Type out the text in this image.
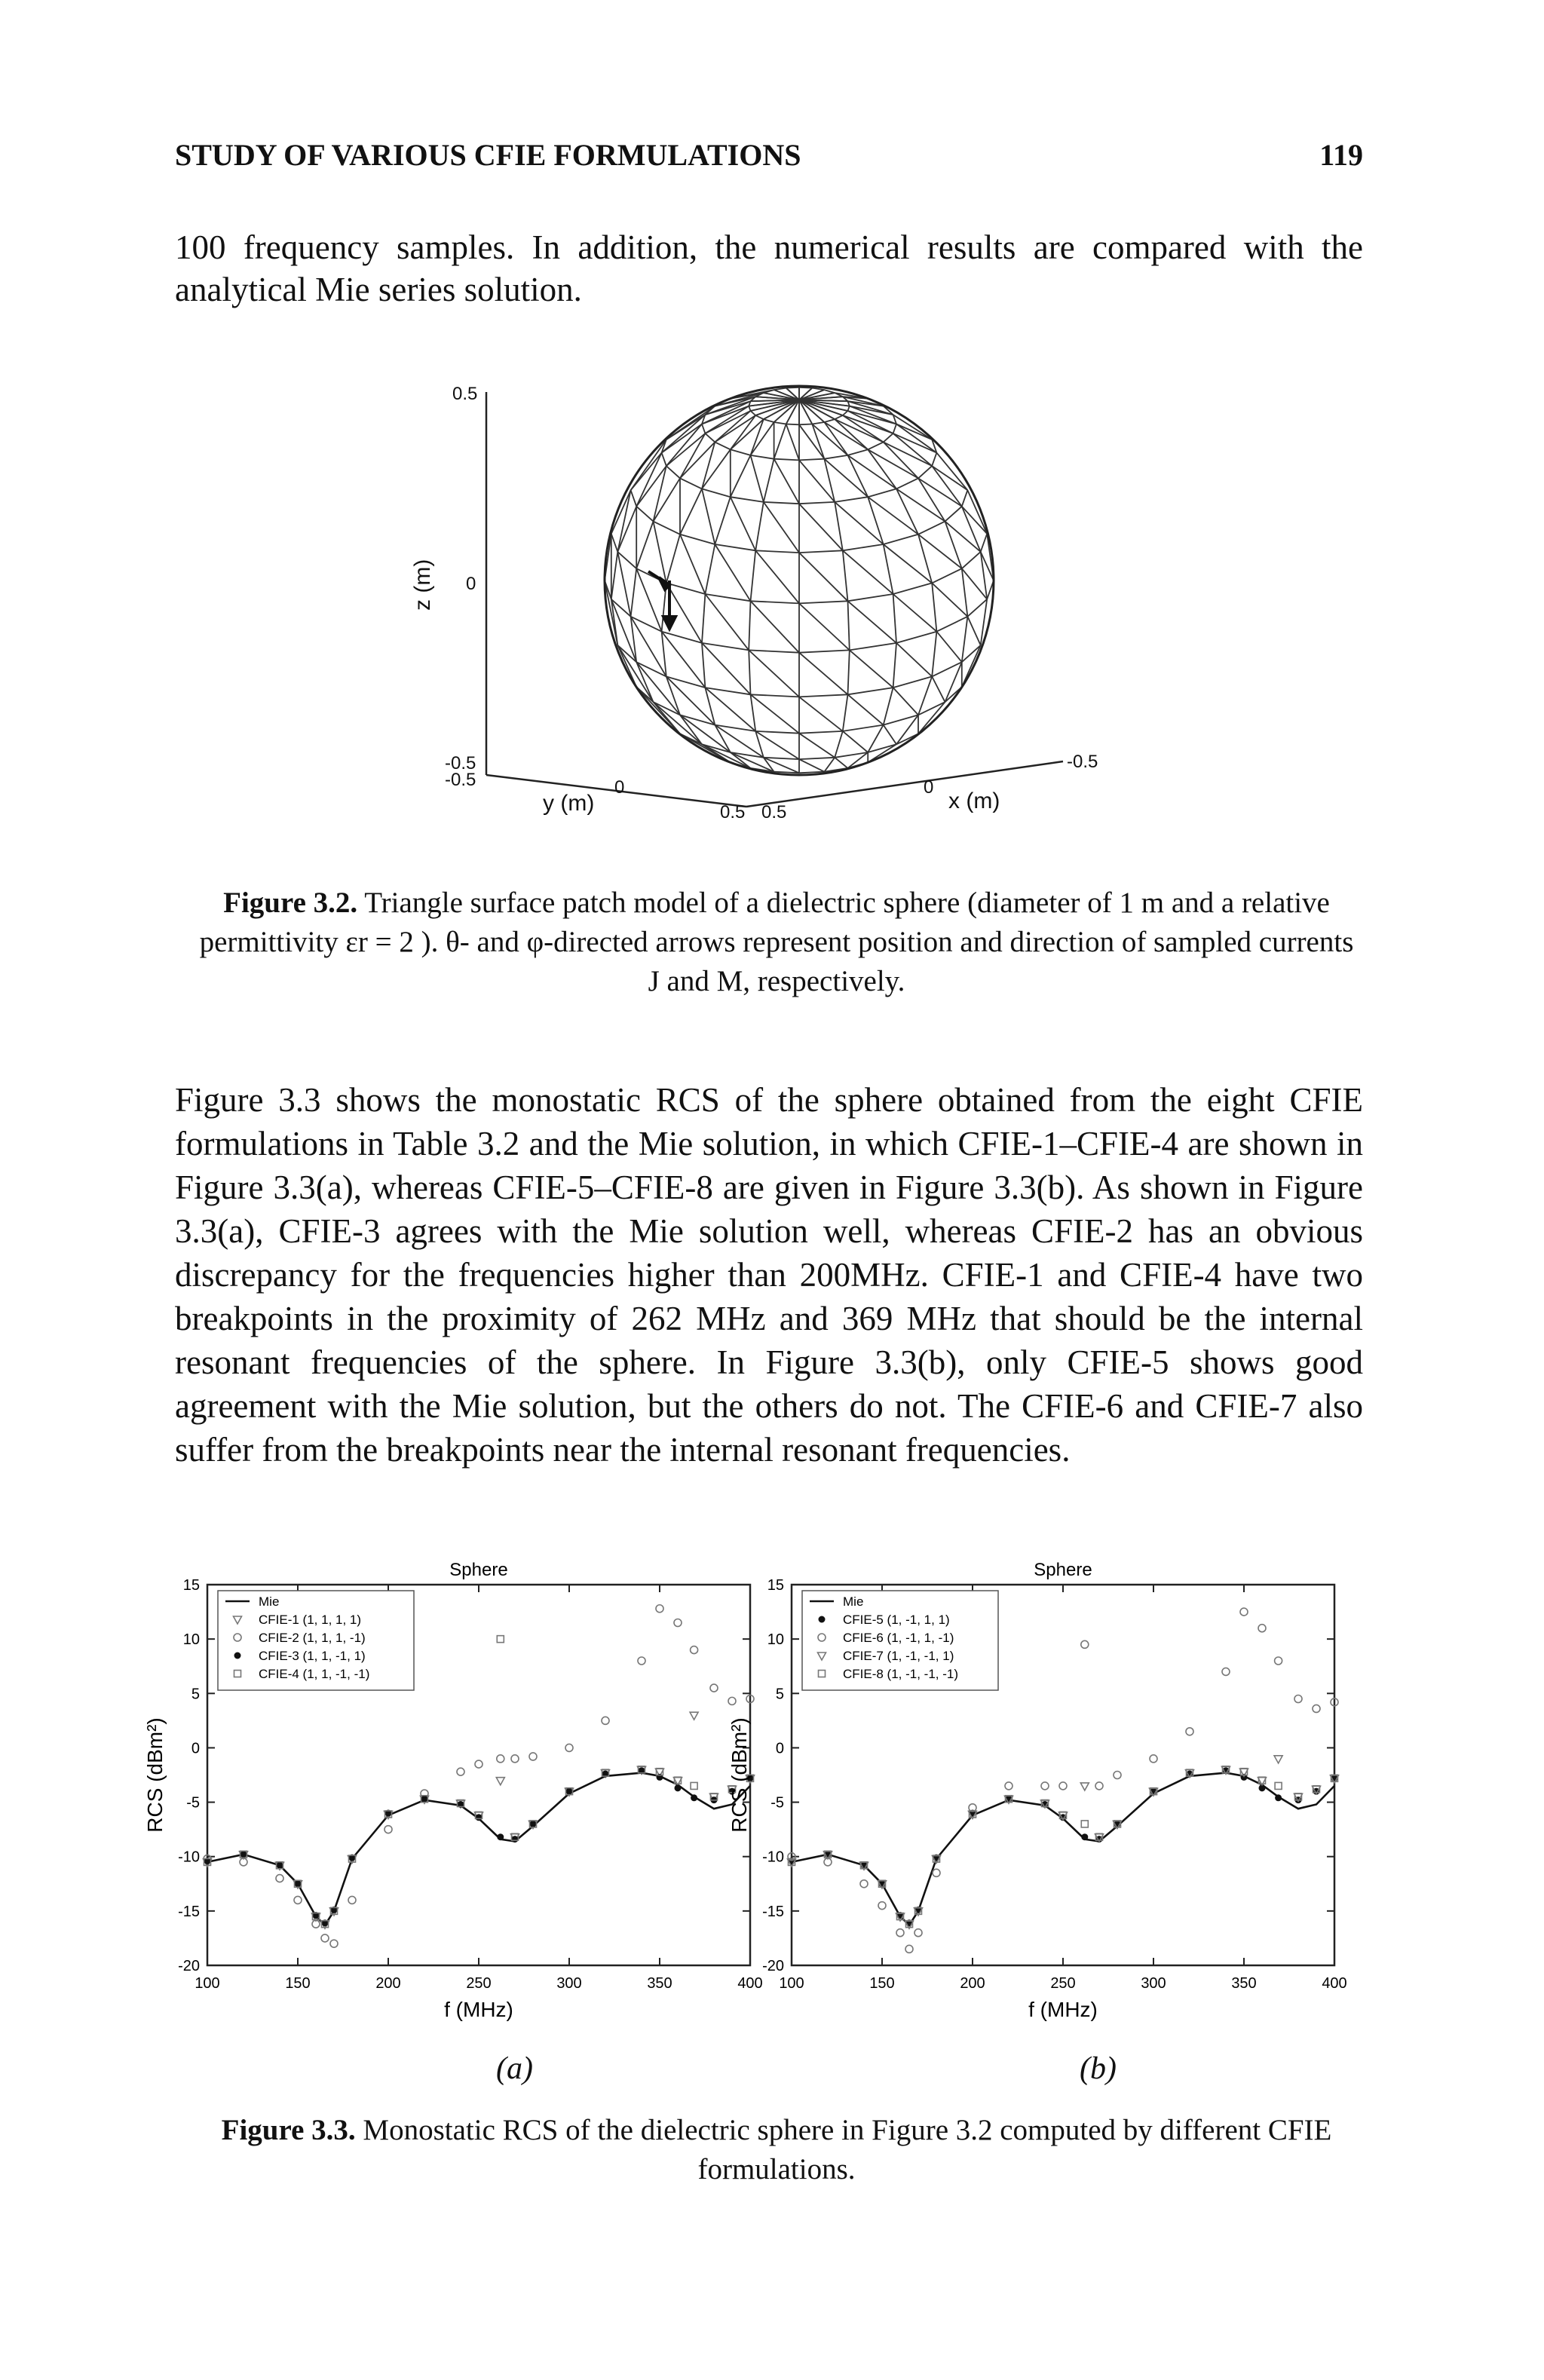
STUDY OF VARIOUS CFIE FORMULATIONS	119
100 frequency samples. In addition, the numerical results are compared with the analytical Mie series solution.
0.5
0
-0.5
-0.5
z (m)
y (m)
0
0.5 0.5
0
x (m)
-0.5
Figure 3.2. Triangle surface patch model of a dielectric sphere (diameter of 1 m and a relative permittivity εr = 2 ). θ- and φ-directed arrows represent position and direction of sampled currents J and M, respectively.
Figure 3.3 shows the monostatic RCS of the sphere obtained from the eight CFIE formulations in Table 3.2 and the Mie solution, in which CFIE-1–CFIE-4 are shown in Figure 3.3(a), whereas CFIE-5–CFIE-8 are given in Figure 3.3(b). As shown in Figure 3.3(a), CFIE-3 agrees with the Mie solution well, whereas CFIE-2 has an obvious discrepancy for the frequencies higher than 200MHz. CFIE-1 and CFIE-4 have two breakpoints in the proximity of 262 MHz and 369 MHz that should be the internal resonant frequencies of the sphere. In Figure 3.3(b), only CFIE-5 shows good agreement with the Mie solution, but the others do not. The CFIE-6 and CFIE-7 also suffer from the breakpoints near the internal resonant frequencies.
100	150	200	250	300	350	400
15
10
5
0
-5
-10
-15
-20
Sphere
f (MHz)
RCS (dBm²)
Mie
CFIE-1 (1, 1, 1, 1)
CFIE-2 (1, 1, 1, -1)
CFIE-3 (1, 1, -1, 1)
CFIE-4 (1, 1, -1, -1)
100	150	200	250	300	350	400
15
10
5
0
-5
-10
-15
-20
Sphere
f (MHz)
RCS (dBm²)
Mie
CFIE-5 (1, -1, 1, 1)
CFIE-6 (1, -1, 1, -1)
CFIE-7 (1, -1, -1, 1)
CFIE-8 (1, -1, -1, -1)
(a)	(b)
Figure 3.3. Monostatic RCS of the dielectric sphere in Figure 3.2 computed by different CFIE formulations.
